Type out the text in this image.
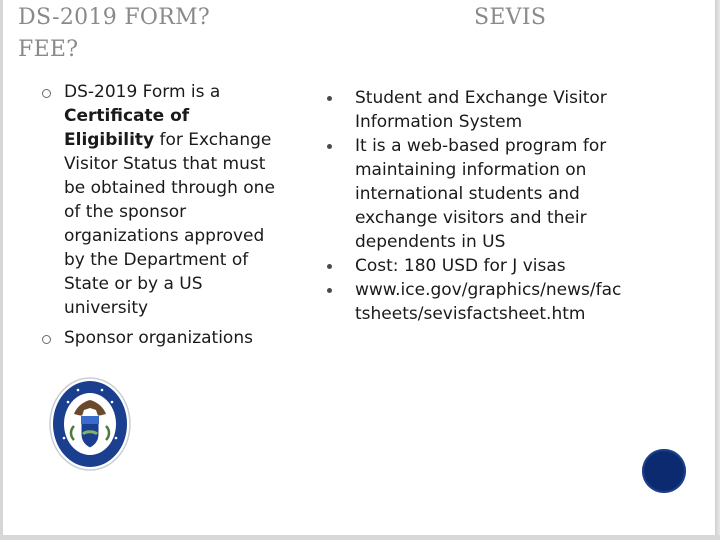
DS-2019 FORM?
FEE?
SEVIS
DS-2019 Form is a
Certificate of
Eligibility for Exchange
Visitor Status that must
be obtained through one
of the sponsor
organizations approved
by the Department of
State or by a US
university
Sponsor organizations
Student and Exchange Visitor
Information System
It is a web-based program for
maintaining information on
international students and
exchange visitors and their
dependents in US
Cost: 180 USD for J visas
www.ice.gov/graphics/news/fac
tsheets/sevisfactsheet.htm
